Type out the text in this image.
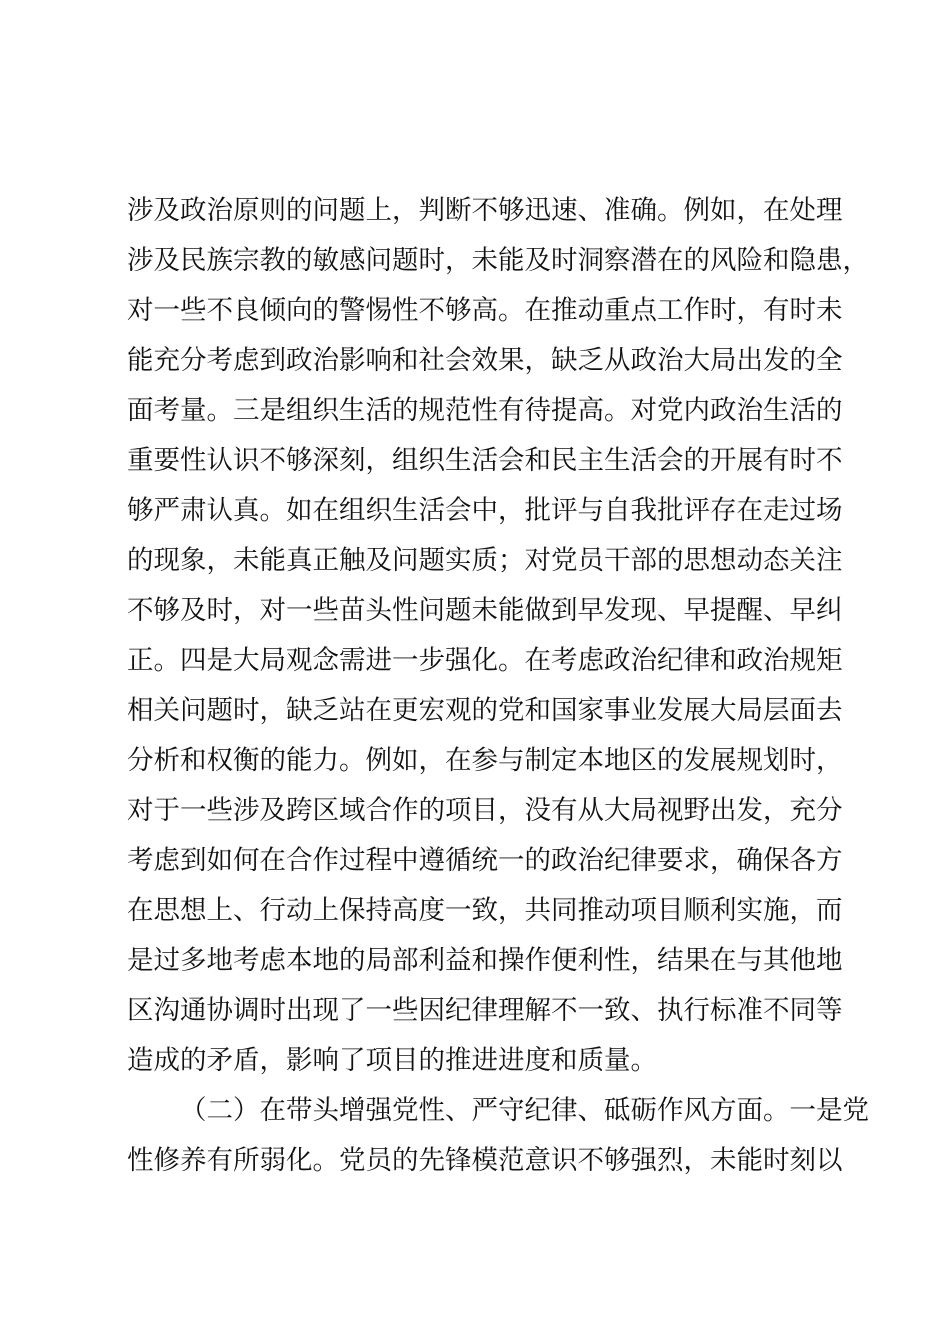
涉及政治原则的问题上，判断不够迅速、准确。例如，在处理
涉及民族宗教的敏感问题时，未能及时洞察潜在的风险和隐患，
对一些不良倾向的警惕性不够高。在推动重点工作时，有时未
能充分考虑到政治影响和社会效果，缺乏从政治大局出发的全
面考量。三是组织生活的规范性有待提高。对党内政治生活的
重要性认识不够深刻，组织生活会和民主生活会的开展有时不
够严肃认真。如在组织生活会中，批评与自我批评存在走过场
的现象，未能真正触及问题实质；对党员干部的思想动态关注
不够及时，对一些苗头性问题未能做到早发现、早提醒、早纠
正。四是大局观念需进一步强化。在考虑政治纪律和政治规矩
相关问题时，缺乏站在更宏观的党和国家事业发展大局层面去
分析和权衡的能力。例如，在参与制定本地区的发展规划时，
对于一些涉及跨区域合作的项目，没有从大局视野出发，充分
考虑到如何在合作过程中遵循统一的政治纪律要求，确保各方
在思想上、行动上保持高度一致，共同推动项目顺利实施，而
是过多地考虑本地的局部利益和操作便利性，结果在与其他地
区沟通协调时出现了一些因纪律理解不一致、执行标准不同等
造成的矛盾，影响了项目的推进进度和质量。
（二）在带头增强党性、严守纪律、砥砺作风方面。一是党
性修养有所弱化。党员的先锋模范意识不够强烈，未能时刻以
